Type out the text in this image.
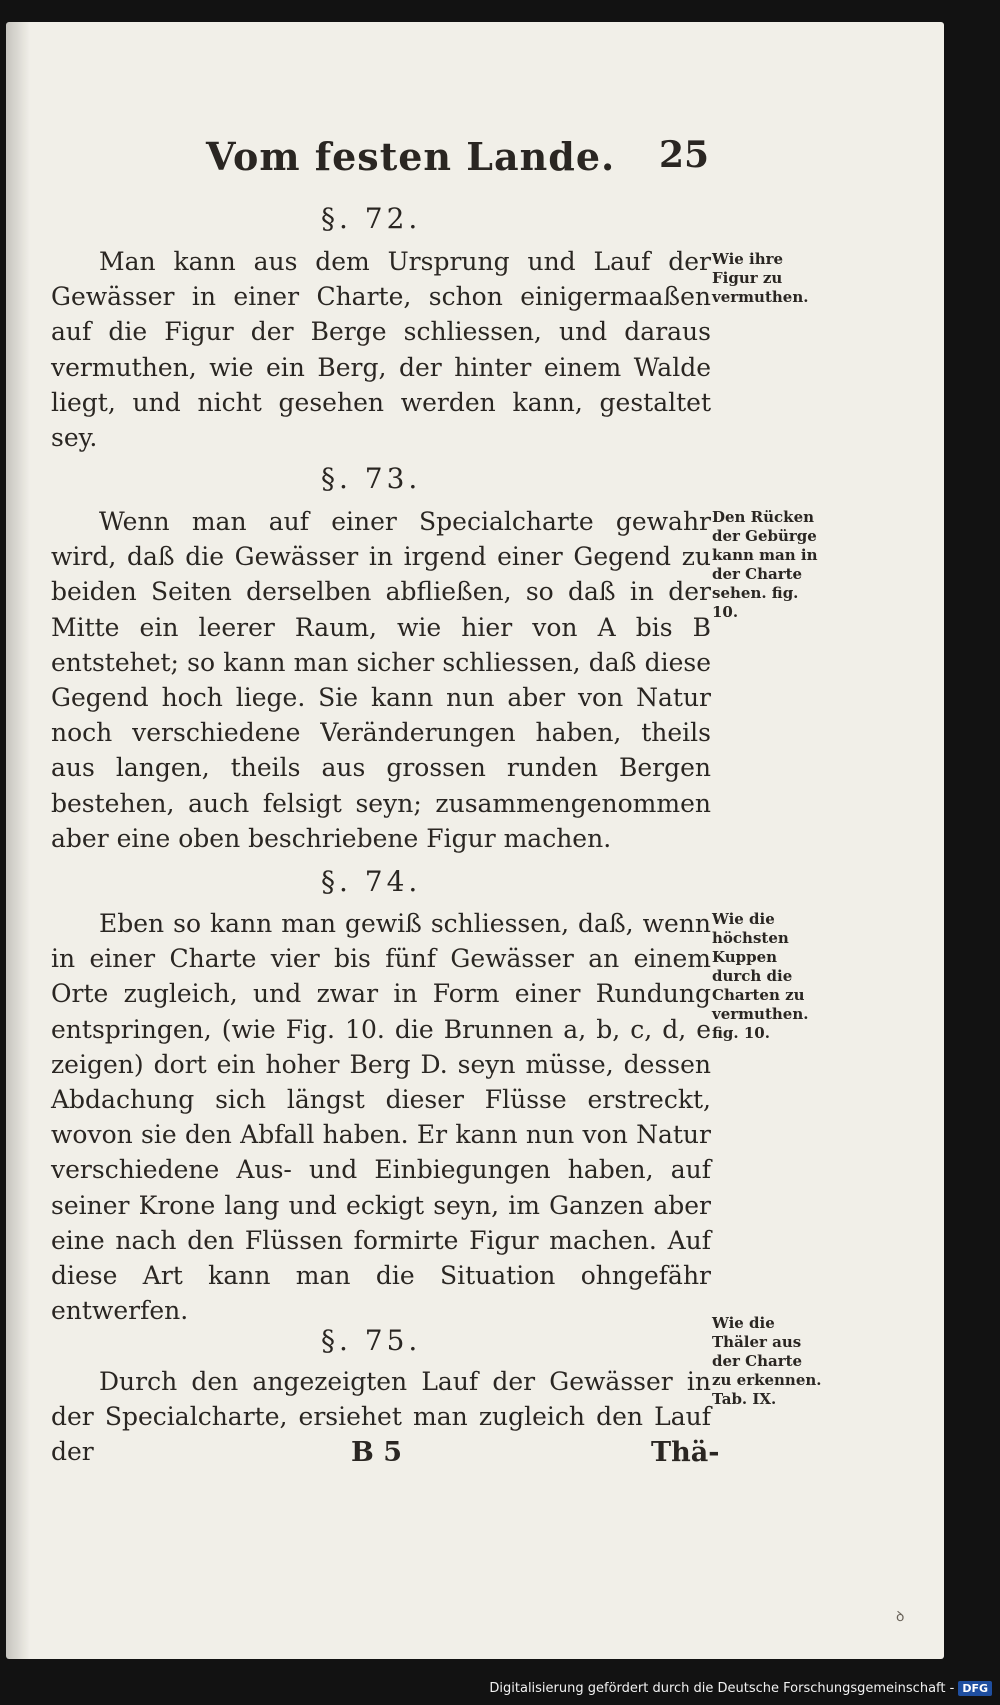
Vom festen Lande. 25
§. 72.
Man kann aus dem Ursprung und Lauf der Gewässer in einer Charte, schon einigermaaßen auf die Figur der Berge schliessen, und daraus vermuthen, wie ein Berg, der hinter einem Walde liegt, und nicht gesehen werden kann, gestaltet sey.
Wie ihre Figur zu vermuthen.
§. 73.
Wenn man auf einer Specialcharte gewahr wird, daß die Gewässer in irgend einer Gegend zu beiden Seiten derselben abfließen, so daß in der Mitte ein leerer Raum, wie hier von A bis B entstehet; so kann man sicher schliessen, daß diese Gegend hoch liege. Sie kann nun aber von Natur noch verschiedene Veränderungen haben, theils aus langen, theils aus grossen runden Bergen bestehen, auch felsigt seyn; zusammengenommen aber eine oben beschriebene Figur machen.
Den Rücken der Gebürge kann man in der Charte sehen. fig. 10.
§. 74.
Eben so kann man gewiß schliessen, daß, wenn in einer Charte vier bis fünf Gewässer an einem Orte zugleich, und zwar in Form einer Rundung entspringen, (wie Fig. 10. die Brunnen a, b, c, d, e zeigen) dort ein hoher Berg D. seyn müsse, dessen Abdachung sich längst dieser Flüsse erstreckt, wovon sie den Abfall haben. Er kann nun von Natur verschiedene Aus- und Einbiegungen haben, auf seiner Krone lang und eckigt seyn, im Ganzen aber eine nach den Flüssen formirte Figur machen. Auf diese Art kann man die Situation ohngefähr entwerfen.
Wie die höchsten Kuppen durch die Charten zu vermuthen. fig. 10.
§. 75.
Durch den angezeigten Lauf der Gewässer in der Specialcharte, ersiehet man zugleich den Lauf der
Wie die Thäler aus der Charte zu erkennen. Tab. IX.
B 5	Thä-
ꝺ
Digitalisierung gefördert durch die Deutsche Forschungsgemeinschaft - DFG
